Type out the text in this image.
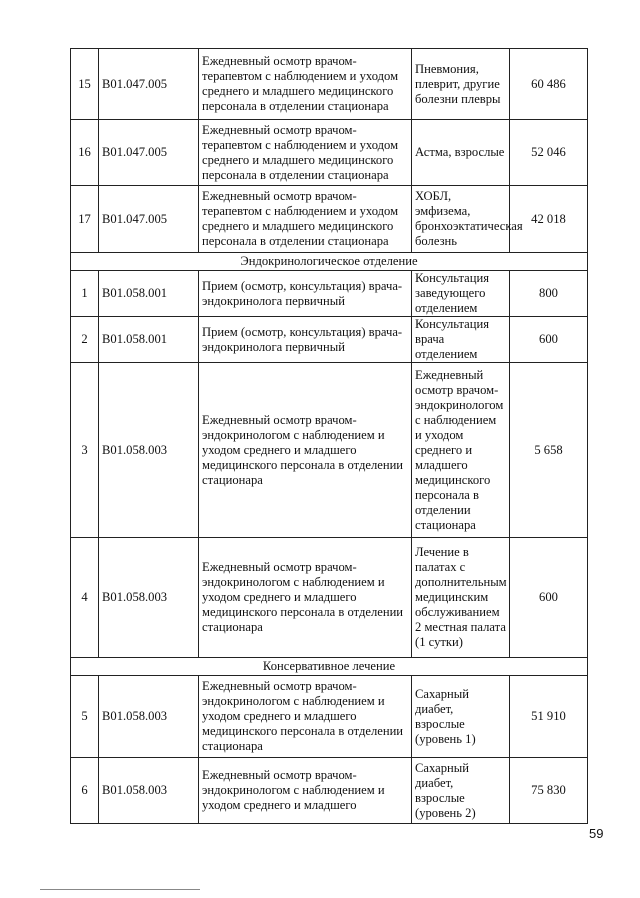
15	B01.047.005	Ежедневный осмотр врачом-терапевтом с наблюдением и уходом среднего и младшего медицинского персонала в отделении стационара	Пневмония, плеврит, другие болезни плевры	60 486
16	B01.047.005	Ежедневный осмотр врачом-терапевтом с наблюдением и уходом среднего и младшего медицинского персонала в отделении стационара	Астма, взрослые	52 046
17	B01.047.005	Ежедневный осмотр врачом-терапевтом с наблюдением и уходом среднего и младшего медицинского персонала в отделении стационара	ХОБЛ, эмфизема, бронхоэктатическая болезнь	42 018
Эндокринологическое отделение				
1	B01.058.001	Прием (осмотр, консультация) врача-эндокринолога первичный	Консультация заведующего отделением	800
2	B01.058.001	Прием (осмотр, консультация) врача-эндокринолога первичный	Консультация врача отделением	600
3	B01.058.003	Ежедневный осмотр врачом-эндокринологом с наблюдением и уходом среднего и младшего медицинского персонала в отделении стационара	Ежедневный осмотр врачом-эндокринологом с наблюдением и уходом среднего и младшего медицинского персонала в отделении стационара	5 658
4	B01.058.003	Ежедневный осмотр врачом-эндокринологом с наблюдением и уходом среднего и младшего медицинского персонала в отделении стационара	Лечение в палатах с дополнительным медицинским обслуживанием 2 местная палата (1 сутки)	600
Консервативное лечение				
5	B01.058.003	Ежедневный осмотр врачом-эндокринологом с наблюдением и уходом среднего и младшего медицинского персонала в отделении стационара	Сахарный диабет, взрослые (уровень 1)	51 910
6	B01.058.003	Ежедневный осмотр врачом-эндокринологом с наблюдением и уходом среднего и младшего	Сахарный диабет, взрослые (уровень 2)	75 830
59
